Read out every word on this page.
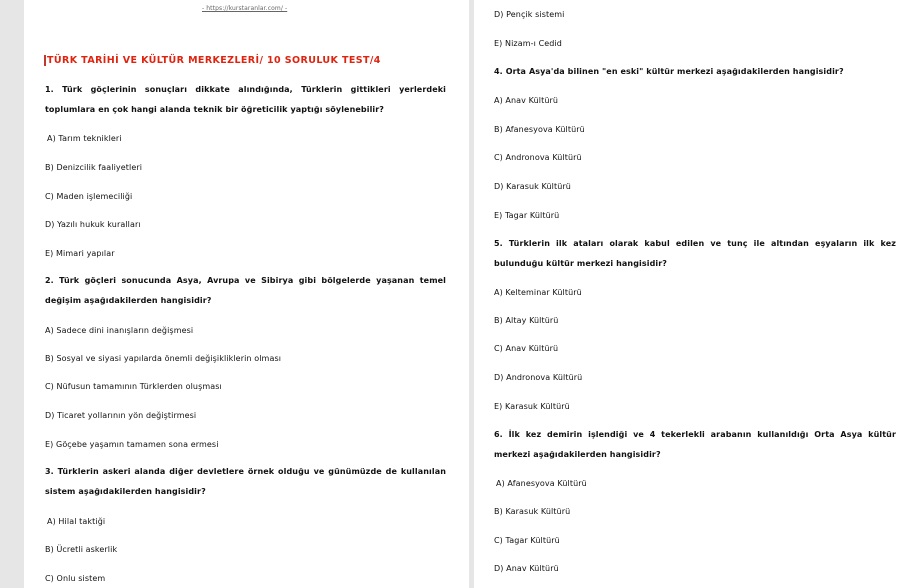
- https://kurstaranlar.com/ -
TÜRK TARİHİ VE KÜLTÜR MERKEZLERİ/ 10 SORULUK TEST/4
1. Türk göçlerinin sonuçları dikkate alındığında, Türklerin gittikleri yerlerdeki toplumlara en çok hangi alanda teknik bir öğreticilik yaptığı söylenebilir?
A) Tarım teknikleri
B) Denizcilik faaliyetleri
C) Maden işlemeciliği
D) Yazılı hukuk kuralları
E) Mimari yapılar
2. Türk göçleri sonucunda Asya, Avrupa ve Sibirya gibi bölgelerde yaşanan temel değişim aşağıdakilerden hangisidir?
A) Sadece dini inanışların değişmesi
B) Sosyal ve siyasi yapılarda önemli değişikliklerin olması
C) Nüfusun tamamının Türklerden oluşması
D) Ticaret yollarının yön değiştirmesi
E) Göçebe yaşamın tamamen sona ermesi
3. Türklerin askeri alanda diğer devletlere örnek olduğu ve günümüzde de kullanılan sistem aşağıdakilerden hangisidir?
A) Hilal taktiği
B) Ücretli askerlik
C) Onlu sistem
D) Pençik sistemi
E) Nizam-ı Cedid
4. Orta Asya'da bilinen "en eski" kültür merkezi aşağıdakilerden hangisidir?
A) Anav Kültürü
B) Afanesyova Kültürü
C) Andronova Kültürü
D) Karasuk Kültürü
E) Tagar Kültürü
5. Türklerin ilk ataları olarak kabul edilen ve tunç ile altından eşyaların ilk kez bulunduğu kültür merkezi hangisidir?
A) Kelteminar Kültürü
B) Altay Kültürü
C) Anav Kültürü
D) Andronova Kültürü
E) Karasuk Kültürü
6. İlk kez demirin işlendiği ve 4 tekerlekli arabanın kullanıldığı Orta Asya kültür merkezi aşağıdakilerden hangisidir?
A) Afanesyova Kültürü
B) Karasuk Kültürü
C) Tagar Kültürü
D) Anav Kültürü
